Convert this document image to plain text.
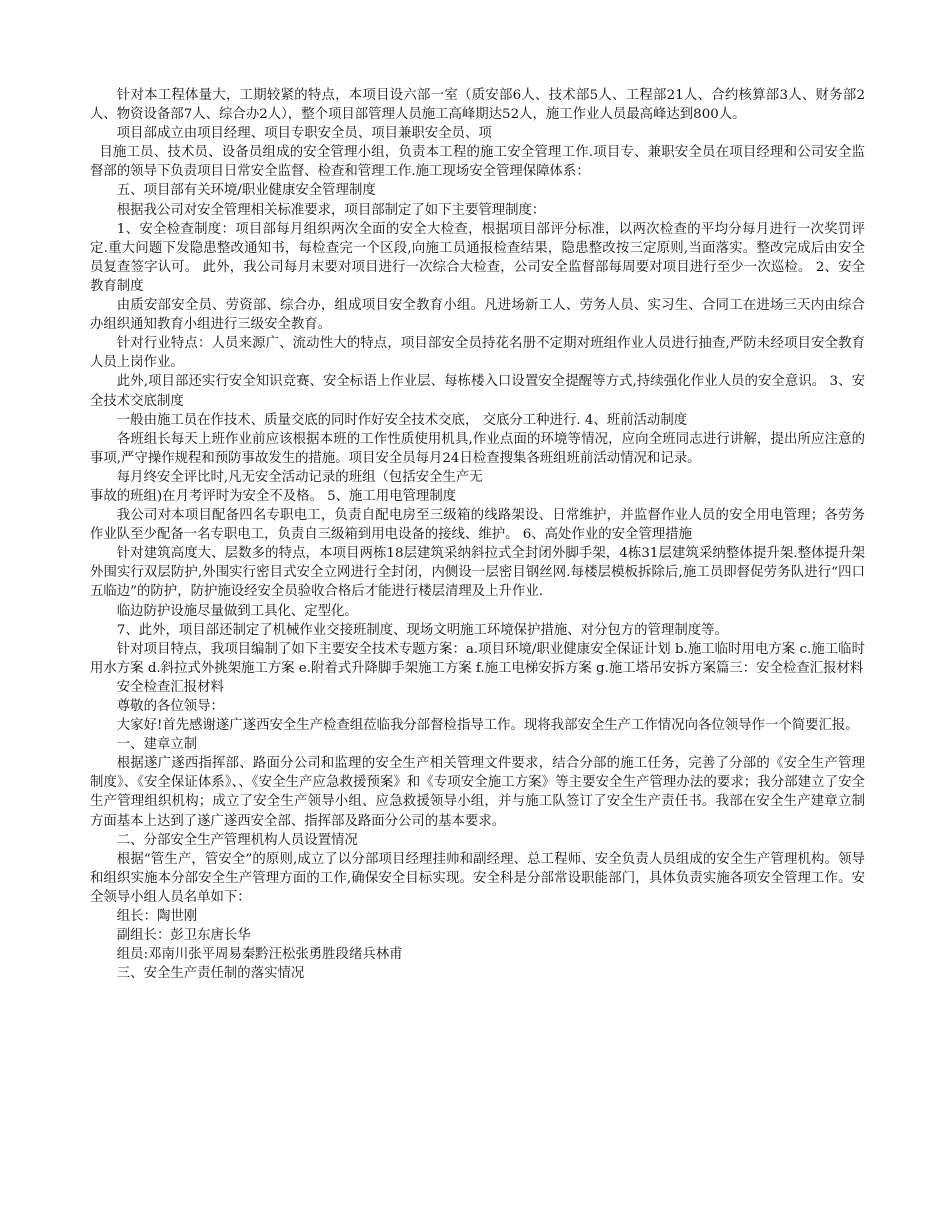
针对本工程体量大，工期较紧的特点，本项目设六部一室（质安部6人、技术部5人、工程部21人、合约核算部3人、财务部2人、物资设备部7人、综合办2人），整个项目部管理人员施工高峰期达52人，施工作业人员最高峰达到800人。

项目部成立由项目经理、项目专职安全员、项目兼职安全员、项

目施工员、技术员、设备员组成的安全管理小组，负责本工程的施工安全管理工作.项目专、兼职安全员在项目经理和公司安全监督部的领导下负责项目日常安全监督、检查和管理工作.施工现场安全管理保障体系：

五、项目部有关环境/职业健康安全管理制度

根据我公司对安全管理相关标准要求，项目部制定了如下主要管理制度：

1、安全检查制度：项目部每月组织两次全面的安全大检查，根据项目部评分标准，以两次检查的平均分每月进行一次奖罚评定.重大问题下发隐患整改通知书，每检查完一个区段,向施工员通报检查结果，隐患整改按三定原则,当面落实。整改完成后由安全员复查签字认可。 此外，我公司每月末要对项目进行一次综合大检查，公司安全监督部每周要对项目进行至少一次巡检。 2、安全教育制度

由质安部安全员、劳资部、综合办，组成项目安全教育小组。凡进场新工人、劳务人员、实习生、合同工在进场三天内由综合办组织通知教育小组进行三级安全教育。

针对行业特点：人员来源广、流动性大的特点，项目部安全员持花名册不定期对班组作业人员进行抽查,严防未经项目安全教育人员上岗作业。

此外,项目部还实行安全知识竞赛、安全标语上作业层、每栋楼入口设置安全提醒等方式,持续强化作业人员的安全意识。 3、安全技术交底制度

一般由施工员在作技术、质量交底的同时作好安全技术交底， 交底分工种进行. 4、班前活动制度

各班组长每天上班作业前应该根据本班的工作性质使用机具,作业点面的环境等情况，应向全班同志进行讲解，提出所应注意的事项,严守操作规程和预防事故发生的措施。项目安全员每月24日检查搜集各班组班前活动情况和记录。

每月终安全评比时,凡无安全活动记录的班组（包括安全生产无

事故的班组)在月考评时为安全不及格。 5、施工用电管理制度

我公司对本项目配备四名专职电工，负责自配电房至三级箱的线路架设、日常维护，并监督作业人员的安全用电管理；各劳务作业队至少配备一名专职电工，负责自三级箱到用电设备的接线、维护。 6、高处作业的安全管理措施

针对建筑高度大、层数多的特点，本项目两栋18层建筑采纳斜拉式全封闭外脚手架，4栋31层建筑采纳整体提升架.整体提升架外围实行双层防护,外围实行密目式安全立网进行全封闭，内侧设一层密目钢丝网.每楼层模板拆除后,施工员即督促劳务队进行“四口五临边”的防护，防护施设经安全员验收合格后才能进行楼层清理及上升作业.

临边防护设施尽量做到工具化、定型化。

7、此外，项目部还制定了机械作业交接班制度、现场文明施工环境保护措施、对分包方的管理制度等。

针对项目特点，我项目编制了如下主要安全技术专题方案：a.项目环境/职业健康安全保证计划 b.施工临时用电方案 c.施工临时用水方案 d.斜拉式外挑架施工方案 e.附着式升降脚手架施工方案 f.施工电梯安拆方案 g.施工塔吊安拆方案篇三：安全检查汇报材料

安全检查汇报材料

尊敬的各位领导：

大家好!首先感谢遂广遂西安全生产检查组莅临我分部督检指导工作。现将我部安全生产工作情况向各位领导作一个简要汇报。

一、建章立制

根据遂广遂西指挥部、路面分公司和监理的安全生产相关管理文件要求，结合分部的施工任务，完善了分部的《安全生产管理制度》、《安全保证体系》、、《安全生产应急救援预案》和《专项安全施工方案》等主要安全生产管理办法的要求；我分部建立了安全生产管理组织机构；成立了安全生产领导小组、应急救援领导小组，并与施工队签订了安全生产责任书。我部在安全生产建章立制方面基本上达到了遂广遂西安全部、指挥部及路面分公司的基本要求。

二、分部安全生产管理机构人员设置情况

根据“管生产，管安全”的原则,成立了以分部项目经理挂帅和副经理、总工程师、安全负责人员组成的安全生产管理机构。领导和组织实施本分部安全生产管理方面的工作,确保安全目标实现。安全科是分部常设职能部门，具体负责实施各项安全管理工作。安全领导小组人员名单如下：

组长：陶世刚

副组长：彭卫东唐长华

组员:邓南川张平周易秦黔汪松张勇胜段绪兵林甫

三、安全生产责任制的落实情况
